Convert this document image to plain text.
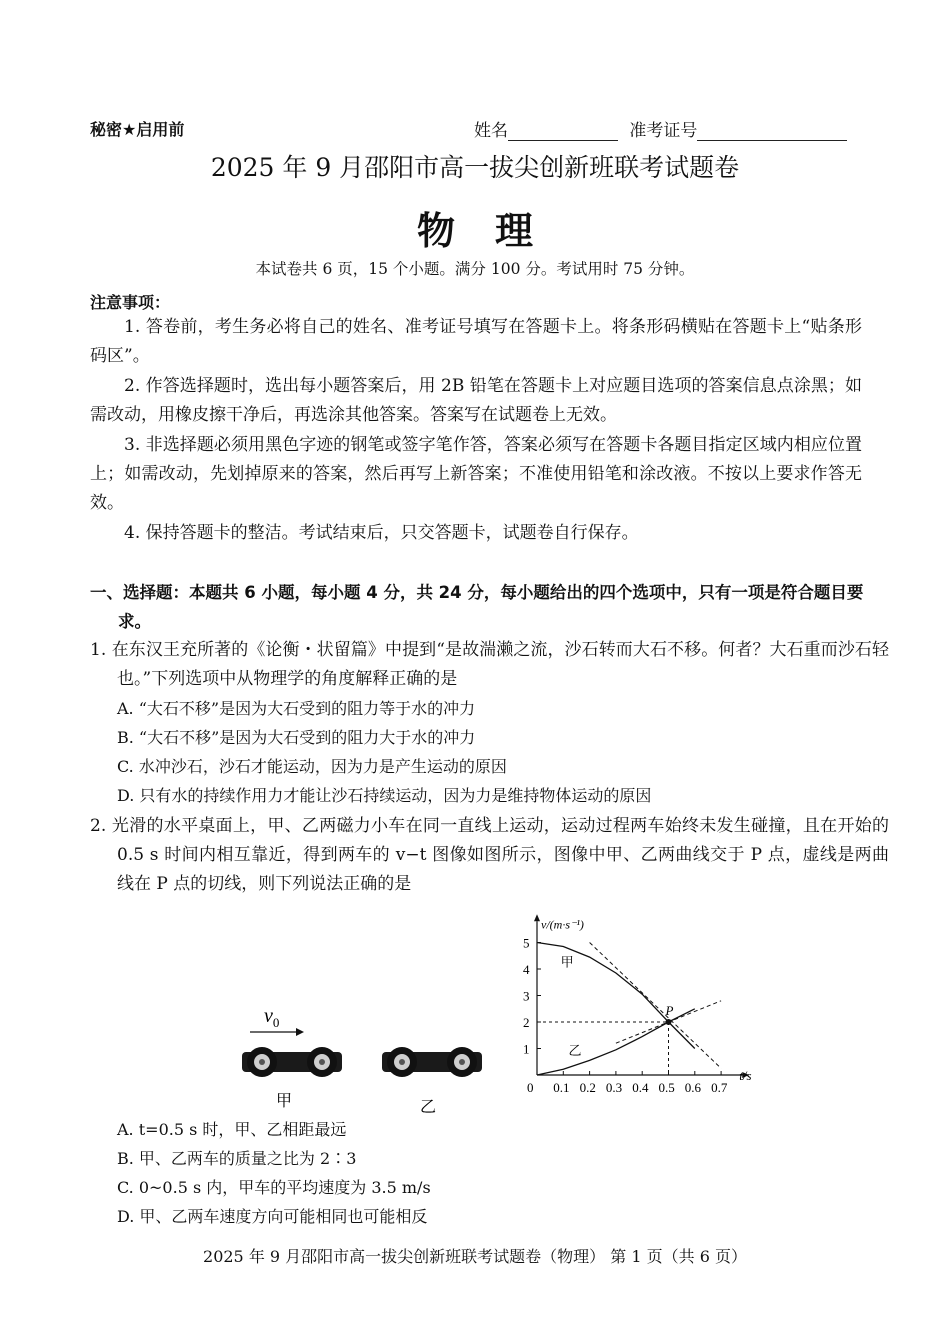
秘密★启用前	姓名	准考证号
2025 年 9 月邵阳市高一拔尖创新班联考试题卷
物理
本试卷共 6 页，15 个小题。满分 100 分。考试用时 75 分钟。
注意事项：
1. 答卷前，考生务必将自己的姓名、准考证号填写在答题卡上。将条形码横贴在答题卡上“贴条形码区”。
2. 作答选择题时，选出每小题答案后，用 2B 铅笔在答题卡上对应题目选项的答案信息点涂黑；如需改动，用橡皮擦干净后，再选涂其他答案。答案写在试题卷上无效。
3. 非选择题必须用黑色字迹的钢笔或签字笔作答，答案必须写在答题卡各题目指定区域内相应位置上；如需改动，先划掉原来的答案，然后再写上新答案；不准使用铅笔和涂改液。不按以上要求作答无效。
4. 保持答题卡的整洁。考试结束后，只交答题卡，试题卷自行保存。
一、选择题：本题共 6 小题，每小题 4 分，共 24 分，每小题给出的四个选项中，只有一项是符合题目要求。
1. 在东汉王充所著的《论衡・状留篇》中提到“是故湍濑之流，沙石转而大石不移。何者？大石重而沙石轻也。”下列选项中从物理学的角度解释正确的是
A. “大石不移”是因为大石受到的阻力等于水的冲力
B. “大石不移”是因为大石受到的阻力大于水的冲力
C. 水冲沙石，沙石才能运动，因为力是产生运动的原因
D. 只有水的持续作用力才能让沙石持续运动，因为力是维持物体运动的原因
2. 光滑的水平桌面上，甲、乙两磁力小车在同一直线上运动，运动过程两车始终未发生碰撞，且在开始的 0.5 s 时间内相互靠近，得到两车的 v−t 图像如图所示，图像中甲、乙两曲线交于 P 点，虚线是两曲线在 P 点的切线，则下列说法正确的是
$v_0$
甲	乙
v/(m·s⁻¹)
t/s
0 0.1 0.2 0.3 0.4 0.5 0.6 0.7
1
2
3
4
5
甲
乙
P
A. t=0.5 s 时，甲、乙相距最远
B. 甲、乙两车的质量之比为 2∶3
C. 0~0.5 s 内，甲车的平均速度为 3.5 m/s
D. 甲、乙两车速度方向可能相同也可能相反
2025 年 9 月邵阳市高一拔尖创新班联考试题卷（物理） 第 1 页（共 6 页）
